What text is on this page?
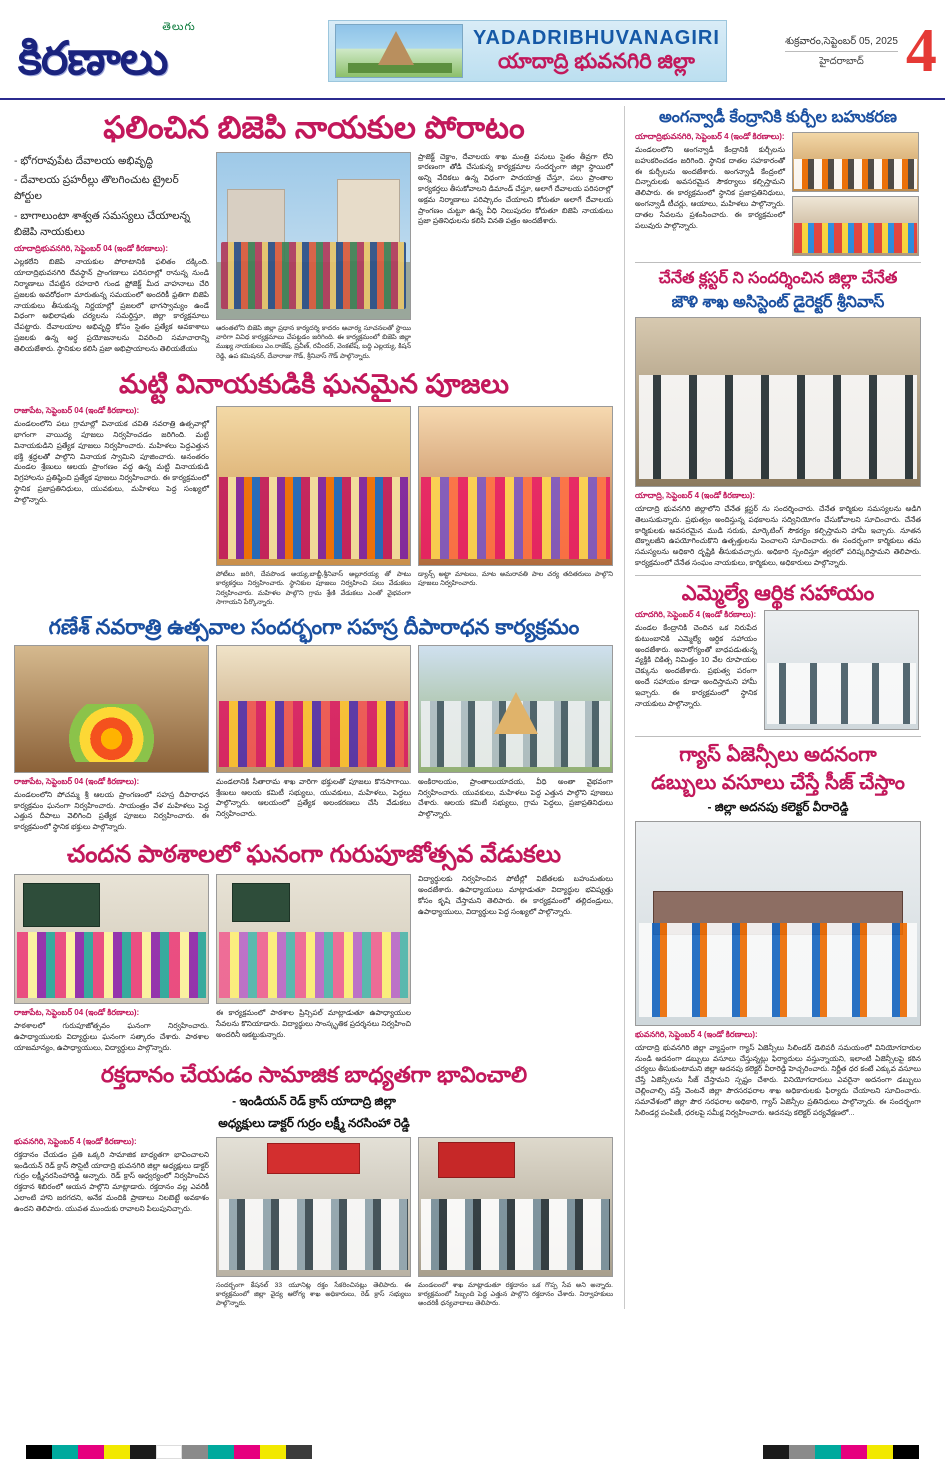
తెలుగు
కిరణాలు	YADADRIBHUVANAGIRI
యాదాద్రి భువనగిరి జిల్లా
శుక్రవారం,సెప్టెంబర్ 05, 2025
హైదరాబాద్ 4
ఫలించిన బిజెపి నాయకుల పోరాటం
- భోగరావుపేట దేవాలయ అభివృద్ధి
- దేవాలయ ప్రహరీల్లు తొలగించుట ట్రైలర్ పోర్టుల
- బాగాలుంటా శాశ్వత సమస్యలు చేయాలన్న బిజెపి నాయకులు
యాదాద్రిభువనగిరి, సెప్టెంబర్ 04 (ఇండో కిరణాలు):
ఎల్లకలేని బిజెపి నాయకుల పోరాటానికి ఫలితం దక్కింది. యాదాద్రిభువనగిరి దేవస్థాన్ ప్రాంగణాలు పరిసరాల్లో రానున్న నుండి నిర్మాణాలు చేపట్టిన రహదారి గుండ ఫ్రోజెక్ట్ మీద వాహనాలు చేరి ప్రజలకు అవరోధంగా మారుతున్న సమయంలో అందరికీ ఫ్రతిగా బిజెపి నాయకులు తీసుకున్న నిర్ణయాల్లో ప్రజలలో భాగస్వామ్యం ఉండే విధంగా అభిలాషతు చర్యలను సమర్థిస్తూ, జిల్లా కార్యక్రమాలు చేపట్టారు. దేవాలయాల అభివృద్ధి కోసం సైతం ప్రత్యేక అవకాశాలు ప్రజలకు ఉన్న అర్థ ప్రయోజనాలను వివరించి సమాచారాన్ని తెలియజేశారు. స్థానికుల కలిసి ప్రజా అభిప్రాయాలను తెలియజేయు
ఆరంతలోని బిజెపి జిల్లా ప్రధాన కార్యదర్శి కాదరం ఆచార్య సూచనలతో స్థాయి వారిగా వివిధ కార్యక్రమాలు చేపట్టడం జరిగింది. ఈ కార్యక్రమంలో బిజెపి జిల్లా ముఖ్య నాయకులు ఎం.రాజేష్, ప్రవీణ్, రవీందర్, వెంకటేష్, బద్ది ఎల్లయ్య, కిషన్ రెడ్డి, ఉప కమిషనర్, దేవారాజు గౌడ్, శ్రీనివాస్ గౌడ్ పాల్గొన్నారు.
ప్రాజెక్ట్ చెక్డాం, దేవాలయ శాఖ మంత్రి పనులు సైతం తీవ్రగా లేని కారణంగా తోడి చేసుకున్న కార్యక్రమాల సందర్భంగా జిల్లా స్థాయిలో అన్ని వేదికలు ఉన్న విధంగా పాదయాత్ర చేస్తూ, పలు ప్రాంతాల కార్యకర్తలు తీసుకోవాలని డిమాండ్ చేస్తూ, అలాగే దేవాలయ పరిసరాల్లో అక్రమ నిర్మాణాలు పరిష్కారం చేయాలని కోరుతూ అలాగే దేవాలయ ప్రాంగణం చుట్టూ ఉన్న వీధి నిలుపుదల కోరుతూ బిజెపి నాయకులు ప్రజా ప్రతినిధులను కలిసి వినతి పత్రం అందజేశారు.
మట్టి వినాయకుడికి ఘనమైన పూజలు
రాజాపేట, సెప్టెంబర్ 04 (ఇండో కిరణాలు):
మండలంలోని పలు గ్రామాల్లో వినాయక చవితి నవరాత్రి ఉత్సవాల్లో భాగంగా వాయిద్య పూజలు నిర్వహించడం జరిగింది. మట్టి వినాయకుడిని ప్రత్యేక పూజలు నిర్వహించారు. మహిళలు పెద్దఎత్తున భక్తి శ్రద్ధలతో పాల్గొని వినాయక స్వామిని పూజించారు. అనంతరం మండల శ్రేణులు ఆలయ ప్రాంగణం వద్ద ఉన్న మట్టి వినాయకుడి విగ్రహాలను ప్రతిష్ఠించి ప్రత్యేక పూజలు నిర్వహించారు. ఈ కార్యక్రమంలో స్థానిక ప్రజాప్రతినిధులు, యువకులు, మహిళలు పెద్ద సంఖ్యలో పాల్గొన్నారు.
పోటీలు జరిగి, దేవపొండ అయ్య,బాబ్జీ,శ్రీనివాస్ అల్లూరయ్య తో పాటు కార్యకర్తలు నిర్వహించారు. స్థానికుల పూజలు నిర్వహించి పలు వేడుకలు నిర్వహించారు. మహిళల పాల్గొని గ్రామ శ్రేణి వేడుకలు ఎంతో వైభవంగా సాగాయని పేర్కొన్నారు.
డ్యాన్స్ అట్టా మాటలు, మాట అమరావతి పాల చర్య తదితరులు పాల్గొని పూజలు నిర్వహించారు.
గణేశ్ నవరాత్రి ఉత్సవాల సందర్భంగా సహస్ర దీపారాధన కార్యక్రమం
రాజాపేట, సెప్టెంబర్ 04 (ఇండో కిరణాలు):
మండలంలోని పోచమ్మ శ్రీ ఆలయ ప్రాంగణంలో సహస్ర దీపారాధన కార్యక్రమం ఘనంగా నిర్వహించారు. సాయంత్రం వేళ మహిళలు పెద్ద ఎత్తున దీపాలు వెలిగించి ప్రత్యేక పూజలు నిర్వహించారు. ఈ కార్యక్రమంలో స్థానిక భక్తులు పాల్గొన్నారు.
మండలానికి సీతారామ శాఖ వారిగా భక్తులతో పూజలు కొనసాగాయి. శ్రేణులు ఆలయ కమిటీ సభ్యులు, యువకులు, మహిళలు, పెద్దలు పాల్గొన్నారు. ఆలయంలో ప్రత్యేక అలంకరణలు చేసి వేడుకలు నిర్వహించారు.
అంకిరాలయం, ప్రాంతాలుయాదయ, వీధి అంతా వైభవంగా నిర్వహించారు. యువకులు, మహిళలు పెద్ద ఎత్తున పాల్గొని పూజలు చేశారు. ఆలయ కమిటీ సభ్యులు, గ్రామ పెద్దలు, ప్రజాప్రతినిధులు పాల్గొన్నారు.
చందన పాఠశాలలో ఘనంగా గురుపూజోత్సవ వేడుకలు
రాజాపేట, సెప్టెంబర్ 04 (ఇండో కిరణాలు):
పాఠశాలలో గురుపూజోత్సవం ఘనంగా నిర్వహించారు. ఉపాధ్యాయులకు విద్యార్థులు ఘనంగా సత్కారం చేశారు. పాఠశాల యాజమాన్యం, ఉపాధ్యాయులు, విద్యార్థులు పాల్గొన్నారు.
ఈ కార్యక్రమంలో పాఠశాల ప్రిన్సిపల్ మాట్లాడుతూ ఉపాధ్యాయుల సేవలను కొనియాడారు. విద్యార్థులు సాంస్కృతిక ప్రదర్శనలు నిర్వహించి అందరినీ ఆకట్టుకున్నారు.
విద్యార్థులకు నిర్వహించిన పోటీల్లో విజేతలకు బహుమతులు అందజేశారు. ఉపాధ్యాయులు మాట్లాడుతూ విద్యార్థుల భవిష్యత్తు కోసం కృషి చేస్తామని తెలిపారు. ఈ కార్యక్రమంలో తల్లిదండ్రులు, ఉపాధ్యాయులు, విద్యార్థులు పెద్ద సంఖ్యలో పాల్గొన్నారు.
రక్తదానం చేయడం సామాజిక బాధ్యతగా భావించాలి
- ఇండియన్ రెడ్ క్రాస్ యాదాద్రి జిల్లా
అధ్యక్షులు డాక్టర్ గుర్రం లక్ష్మీ నరసింహా రెడ్డి
భువనగిరి, సెప్టెంబర్ 4 (ఇండో కిరణాలు):
రక్తదానం చేయడం ప్రతి ఒక్కరి సామాజిక బాధ్యతగా భావించాలని ఇండియన్ రెడ్ క్రాస్ సొసైటీ యాదాద్రి భువనగిరి జిల్లా అధ్యక్షులు డాక్టర్ గుర్రం లక్ష్మీనరసింహారెడ్డి అన్నారు. రెడ్ క్రాస్ ఆధ్వర్యంలో నిర్వహించిన రక్తదాన శిబిరంలో ఆయన పాల్గొని మాట్లాడారు. రక్తదానం వల్ల ఎవరికీ ఎలాంటి హాని జరగదని, అనేక మందికి ప్రాణాలు నిలబెట్టే అవకాశం ఉందని తెలిపారు. యువత ముందుకు రావాలని పిలుపునిచ్చారు.
సందర్భంగా కేషనల్ 33 యూనిట్ల రక్తం సేకరించినట్లు తెలిపారు. ఈ కార్యక్రమంలో జిల్లా వైద్య ఆరోగ్య శాఖ అధికారులు, రెడ్ క్రాస్ సభ్యులు పాల్గొన్నారు.
మండలంలో శాఖ మాట్లాడుతూ రక్తదానం ఒక గొప్ప సేవ అని అన్నారు. కార్యక్రమంలో సిబ్బంది పెద్ద ఎత్తున పాల్గొని రక్తదానం చేశారు. నిర్వాహకులు అందరికీ ధన్యవాదాలు తెలిపారు.
అంగన్వాడీ కేంద్రానికి కుర్చీల బహుకరణ
యాదాద్రిభువనగిరి, సెప్టెంబర్ 4 (ఇండో కిరణాలు):
మండలంలోని అంగన్వాడీ కేంద్రానికి కుర్చీలను బహుకరించడం జరిగింది. స్థానిక దాతల సహకారంతో ఈ కుర్చీలను అందజేశారు. అంగన్వాడీ కేంద్రంలో చిన్నారులకు అవసరమైన సౌకర్యాలు కల్పిస్తామని తెలిపారు. ఈ కార్యక్రమంలో స్థానిక ప్రజాప్రతినిధులు, అంగన్వాడీ టీచర్లు, ఆయాలు, మహిళలు పాల్గొన్నారు. దాతల సేవలను ప్రశంసించారు. ఈ కార్యక్రమంలో పలువురు పాల్గొన్నారు.
చేనేత క్లస్టర్ ని సందర్శించిన జిల్లా చేనేత
జౌళి శాఖ అసిస్టెంట్ డైరెక్టర్ శ్రీనివాస్
యాదాద్రి, సెప్టెంబర్ 4 (ఇండో కిరణాలు):
యాదాద్రి భువనగిరి జిల్లాలోని చేనేత క్లస్టర్ ను సందర్శించారు. చేనేత కార్మికుల సమస్యలను అడిగి తెలుసుకున్నారు. ప్రభుత్వం అందిస్తున్న పథకాలను సద్వినియోగం చేసుకోవాలని సూచించారు. చేనేత కార్మికులకు అవసరమైన ముడి సరుకు, మార్కెటింగ్ సౌకర్యం కల్పిస్తామని హామీ ఇచ్చారు. నూతన టెక్నాలజీని ఉపయోగించుకొని ఉత్పత్తులను పెంచాలని సూచించారు. ఈ సందర్భంగా కార్మికులు తమ సమస్యలను అధికారి దృష్టికి తీసుకువచ్చారు. అధికారి స్పందిస్తూ త్వరలో పరిష్కరిస్తామని తెలిపారు. కార్యక్రమంలో చేనేత సంఘం నాయకులు, కార్మికులు, అధికారులు పాల్గొన్నారు.
ఎమ్మెల్యే ఆర్థిక సహాయం
యాదగిరి, సెప్టెంబర్ 4 (ఇండో కిరణాలు):
మండల కేంద్రానికి చెందిన ఒక నిరుపేద కుటుంబానికి ఎమ్మెల్యే ఆర్థిక సహాయం అందజేశారు. అనారోగ్యంతో బాధపడుతున్న వ్యక్తికి చికిత్స నిమిత్తం 10 వేల రూపాయల చెక్కును అందజేశారు. ప్రభుత్వ పరంగా అందే సహాయం కూడా అందిస్తామని హామీ ఇచ్చారు. ఈ కార్యక్రమంలో స్థానిక నాయకులు పాల్గొన్నారు.
గ్యాస్ ఏజెన్సీలు అదనంగా
డబ్బులు వసూలు చేస్తే సీజ్ చేస్తాం
- జిల్లా అదనపు కలెక్టర్ వీరారెడ్డి
భువనగిరి, సెప్టెంబర్ 4 (ఇండో కిరణాలు):
యాదాద్రి భువనగిరి జిల్లా వ్యాప్తంగా గ్యాస్ ఏజెన్సీలు సిలిండర్ డెలివరీ సమయంలో వినియోగదారుల నుండి అదనంగా డబ్బులు వసూలు చేస్తున్నట్లు ఫిర్యాదులు వస్తున్నాయని, ఇలాంటి ఏజెన్సీలపై కఠిన చర్యలు తీసుకుంటామని జిల్లా అదనపు కలెక్టర్ వీరారెడ్డి హెచ్చరించారు. నిర్ణీత ధర కంటే ఎక్కువ వసూలు చేస్తే ఏజెన్సీలను సీజ్ చేస్తామని స్పష్టం చేశారు. వినియోగదారులు ఎవరైనా అదనంగా డబ్బులు చెల్లించాల్సి వస్తే వెంటనే జిల్లా పౌరసరఫరాల శాఖ అధికారులకు ఫిర్యాదు చేయాలని సూచించారు. సమావేశంలో జిల్లా పౌర సరఫరాల అధికారి, గ్యాస్ ఏజెన్సీల ప్రతినిధులు పాల్గొన్నారు. ఈ సందర్భంగా సిలిండర్ల పంపిణీ, ధరలపై సమీక్ష నిర్వహించారు. అదనపు కలెక్టర్ పర్యవేక్షణలో...
